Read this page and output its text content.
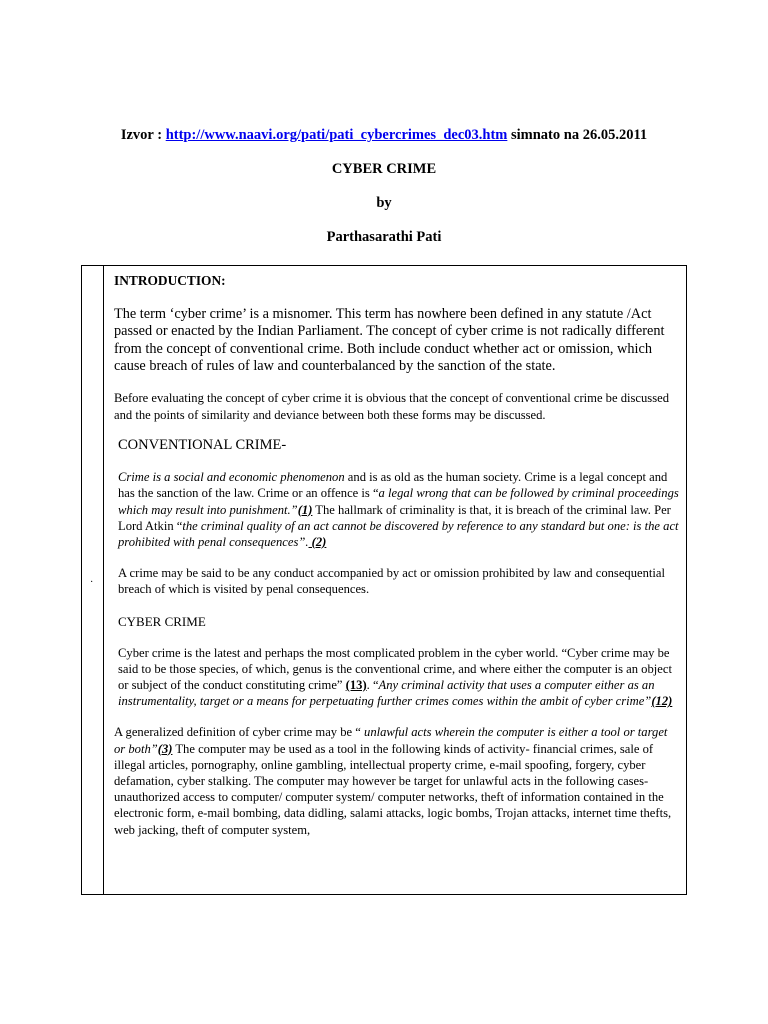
Izvor : http://www.naavi.org/pati/pati_cybercrimes_dec03.htm simnato na 26.05.2011
CYBER CRIME
by
Parthasarathi Pati
·

INTRODUCTION:

The term ‘cyber crime’ is a misnomer. This term has nowhere been defined in any statute /Act passed or enacted by the Indian Parliament. The concept of cyber crime is not radically different from the concept of conventional crime. Both include conduct whether act or omission, which cause breach of rules of law and counterbalanced by the sanction of the state.

Before evaluating the concept of cyber crime it is obvious that the concept of conventional crime be discussed and the points of similarity and deviance between both these forms may be discussed.

CONVENTIONAL CRIME-

Crime is a social and economic phenomenon and is as old as the human society. Crime is a legal concept and has the sanction of the law. Crime or an offence is “a legal wrong that can be followed by criminal proceedings which may result into punishment.”(1) The hallmark of criminality is that, it is breach of the criminal law. Per Lord Atkin “the criminal quality of an act cannot be discovered by reference to any standard but one: is the act prohibited with penal consequences”. (2)

A crime may be said to be any conduct accompanied by act or omission prohibited by law and consequential breach of which is visited by penal consequences.

CYBER CRIME

Cyber crime is the latest and perhaps the most complicated problem in the cyber world. “Cyber crime may be said to be those species, of which, genus is the conventional crime, and where either the computer is an object or subject of the conduct constituting crime” (13). “Any criminal activity that uses a computer either as an instrumentality, target or a means for perpetuating further crimes comes within the ambit of cyber crime”(12)

A generalized definition of cyber crime may be “ unlawful acts wherein the computer is either a tool or target or both”(3) The computer may be used as a tool in the following kinds of activity- financial crimes, sale of illegal articles, pornography, online gambling, intellectual property crime, e-mail spoofing, forgery, cyber defamation, cyber stalking. The computer may however be target for unlawful acts in the following cases- unauthorized access to computer/ computer system/ computer networks, theft of information contained in the electronic form, e-mail bombing, data didling, salami attacks, logic bombs, Trojan attacks, internet time thefts, web jacking, theft of computer system,
